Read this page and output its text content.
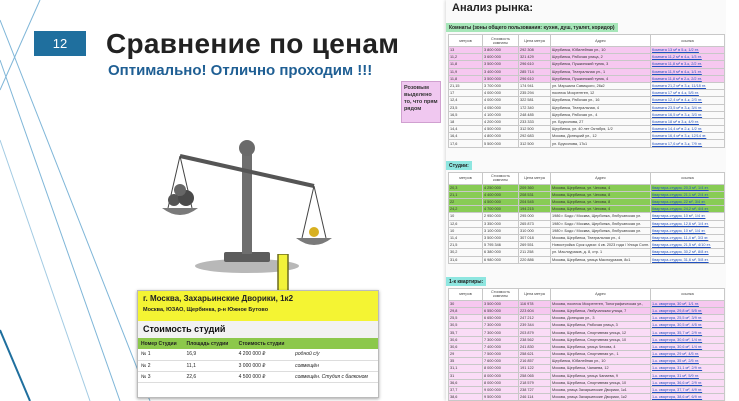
12	Сравнение по ценам
Оптимально! Отлично проходим !!!
г. Москва, Захарьинские Дворики, 1к2
Москва, ЮЗАО, Щербинка, р-н Южное Бутово
Стоимость студий
Номер Студии	Площадь студии	Стоимость студии	
№ 1	16,9	4 200 000 ₽	родной с/у
№ 2	11,1	3 000 000 ₽	совмещён
№ 3	22,6	4 500 000 ₽	совмещён. Студия с балконом
Розовым выделено то, что прям рядом
Анализ рынка:
Комнаты (зоны общего пользования: кухня, душ, туалет, коридор)
метров	Стоимость комнаты	Цена метра	Адрес	ссылка
13	3 800 000	292 308	Щербинка, Юбилейная ул., 10	Комната 13 м² в 5-к, 1/2 эт.
11,2	3 600 000	321 429	Щербинка, Рабочая улица, 2	Комната 11,2 м² в 4-к, 1/3 эт.
11,8	3 500 000	296 610	Щербинка, Пушкинский тупик, 3	Комната 11,8 м² в 3-к, 2/2 эт.
11,9	3 400 000	285 714	Щербинка, Театральная ул., 1	Комната 11,9 м² в 4-к, 1/1 эт.
11,8	3 500 000	296 610	Щербинка, Пушкинский тупик, 4	Комната 11,8 м² в 2-к, 2/2 эт.
21,15	3 700 000	174 941	ул. Маршала Савицкого, 26к2	Комната 21,2 м² в 3-к, 11/18 эт.
17	4 000 000	235 294	поселок Мосрентген, 12	Комната 17 м² в 4-к, 5/5 эт.
12,4	4 000 000	322 581	Щербинка, Рабочая ул., 16	Комната 12,4 м² в 4-к, 2/3 эт.
23,5	4 050 000	172 340	Щербинка, Театральная, 4	Комната 23,5 м² в 3-к, 3/4 эт.
16,5	4 100 000	248 485	Щербинка, Рабочая ул., 4	Комната 16,5 м² в 3-к, 3/3 эт.
18	4 200 000	233 333	ул. Брусилова, 27	Комната 18 м² в 3-к, 4/9 эт.
14,4	4 500 000	312 500	Щербинка, ул. 40 лет Октября, 1/2	Комната 14,4 м² в 2-к, 1/2 эт.
16,4	4 800 000	292 683	Москва, Донецкий ул., 12	Комната 16,4 м² в 3-к, 12/14 эт.
17,6	5 500 000	312 500	ул. Брусилова, 17к1	Комната 17,6 м² в 3-к, 7/9 эт.
Студии:
метров	Стоимость комнаты	Цена метра	Адрес	ссылка
20,3	4 250 000	209 360	Москва, Щербинка, ул. Чехова, 4	Квартира-студия, 20,3 м², 1/4 эт.
21,1	4 400 000	208 531	Москва, Щербинка, ул. Чехова, 8	Квартира-студия, 21,1 м², 2/4 эт.
22	4 500 000	204 545	Москва, Щербинка, ул. Чехова, 8	Квартира-студия, 22 м², 3/4 эт.
24,2	4 700 000	194 215	Москва, Щербинка, ул. Чехова, 4	Квартира-студия, 24,2 м², 4/4 эт.
10	2 950 000	295 000	1986 г. Бодо / Москва, Щербинка, Любучанская ул.	Квартира-студия, 10 м², 1/4 эт.
12,6	3 350 000	265 873	1980 г. Бодо / Москва, Щербинка, Любучанская ул.	Квартира-студия, 12,6 м², 1/4 эт.
10	3 100 000	310 000	1980 г. Бодо / Москва, Щербинка, Любучанская ул.	Квартира-студия, 10 м², 1/4 эт.
11,4	3 500 000	307 018	Москва, Щербинка, Театральная ул., 4	Квартира-студия, 11,4 м², 3/3 эт.
21,5	5 795 346	269 551	Новостройка Срок сдачи: 4 кв. 2023 года / Улица Солн.	Квартира-студия, 21,5 м², 4/10 эт.
30,2	6 380 000	211 258	ул. Маслоуразов, д. 8, стр. 1	Квартира-студия, 30,2 м², 8/8 эт.
31,6	6 980 000	220 886	Москва, Щербинка, улица Маслоуразов, 8с1	Квартира-студия, 31,6 м², 5/8 эт.
1-к квартиры:
метров	Стоимость комнаты	Цена метра	Адрес	ссылка
30	3 500 000	116 978	Москва, поселок Мосрентген, Топографическая ул.,	1-к. квартира, 30 м², 1/1 эт.
29,8	6 550 000	223 604	Москва, Щербинка, Любучанская улица, 7	1-к. квартира, 29,8 м², 5/5 эт.
25,5	6 650 000	247 212	Москва, Донецкая ул., 3	1-к. квартира, 25,5 м², 3/9 эт.
30,5	7 300 000	239 344	Москва, Щербинка, Рабочая улица, 3	1-к. квартира, 30,5 м², 4/5 эт.
35,7	7 300 000	203 879	Москва, Щербинка, Спортивная улица, 12	1-к. квартира, 35,7 м², 2/9 эт.
30,6	7 300 000	238 562	Москва, Щербинка, Спортивная улица, 10	1-к. квартира, 30,6 м², 1/4 эт.
30,6	7 400 000	241 830	Москва, Щербинка, улица Чехова, 4	1-к. квартира, 30,6 м², 1/4 эт.
29	7 500 000	258 621	Москва, Щербинка, Спортивная ул., 1	1-к. квартира, 29 м², 4/5 эт.
35	7 600 000	216 857	Щербинка, Юбилейная ул., 10	1-к. квартира, 35 м², 2/5 эт.
31,1	8 000 000	191 122	Москва, Щербинка, Чапаева, 12	1-к. квартира, 31,1 м², 2/9 эт.
31	8 000 000	258 065	Москва, Щербинка, улица Чапаева, 9	1-к. квартира, 31 м², 5/9 эт.
36,6	8 000 000	218 579	Москва, Щербинка, Спортивная улица, 10	1-к. квартира, 36,6 м², 2/9 эт.
37,7	9 000 000	238 727	Москва, улица Захарьинские Дворики, 1к1	1-к. квартира, 37,7 м², 4/9 эт.
38,6	9 500 000	246 114	Москва, улица Захарьинские Дворики, 1к2	1-к. квартира, 38,6 м², 6/9 эт.
